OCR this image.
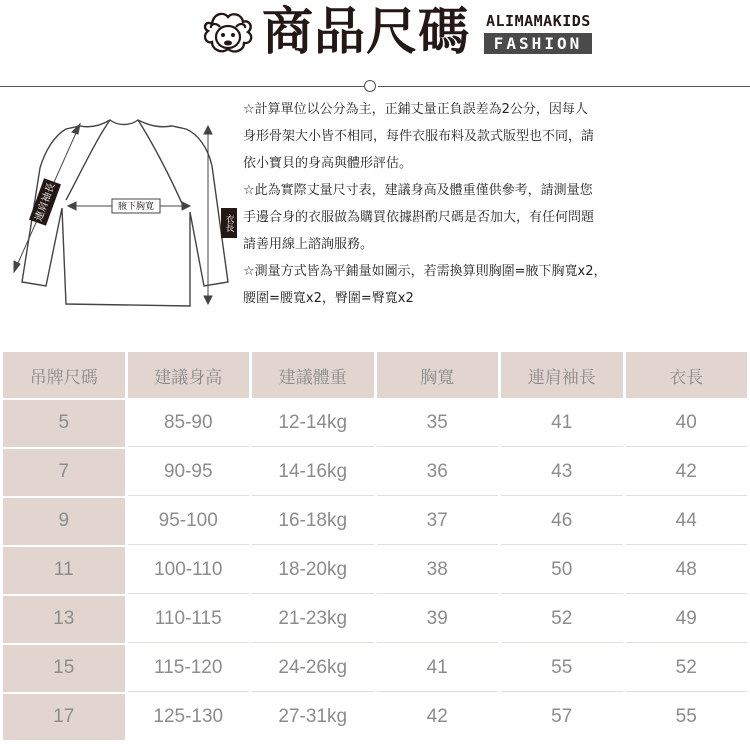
商品尺碼 ALIMAMAKIDS
FASHION
連肩袖長	腋下胸寬
衣長

☆計算單位以公分為主，正鋪丈量正負誤差為2公分，因每人

身形骨架大小皆不相同，每件衣服布料及款式版型也不同，請

依小寶貝的身高與體形評估。

☆此為實際丈量尺寸表，建議身高及體重僅供參考，請測量您

手邊合身的衣服做為購買依據斟酌尺碼是否加大，有任何問題

請善用線上諮詢服務。

☆測量方式皆為平鋪量如圖示，若需換算則胸圍=腋下胸寬x2，

腰圍=腰寬x2，臀圍=臀寬x2

吊牌尺碼	建議身高	建議體重	胸寬	連肩袖長	衣長
5	85-90	12-14kg	35	41	40
7	90-95	14-16kg	36	43	42
9	95-100	16-18kg	37	46	44
11	100-110	18-20kg	38	50	48
13	110-115	21-23kg	39	52	49
15	115-120	24-26kg	41	55	52
17	125-130	27-31kg	42	57	55
